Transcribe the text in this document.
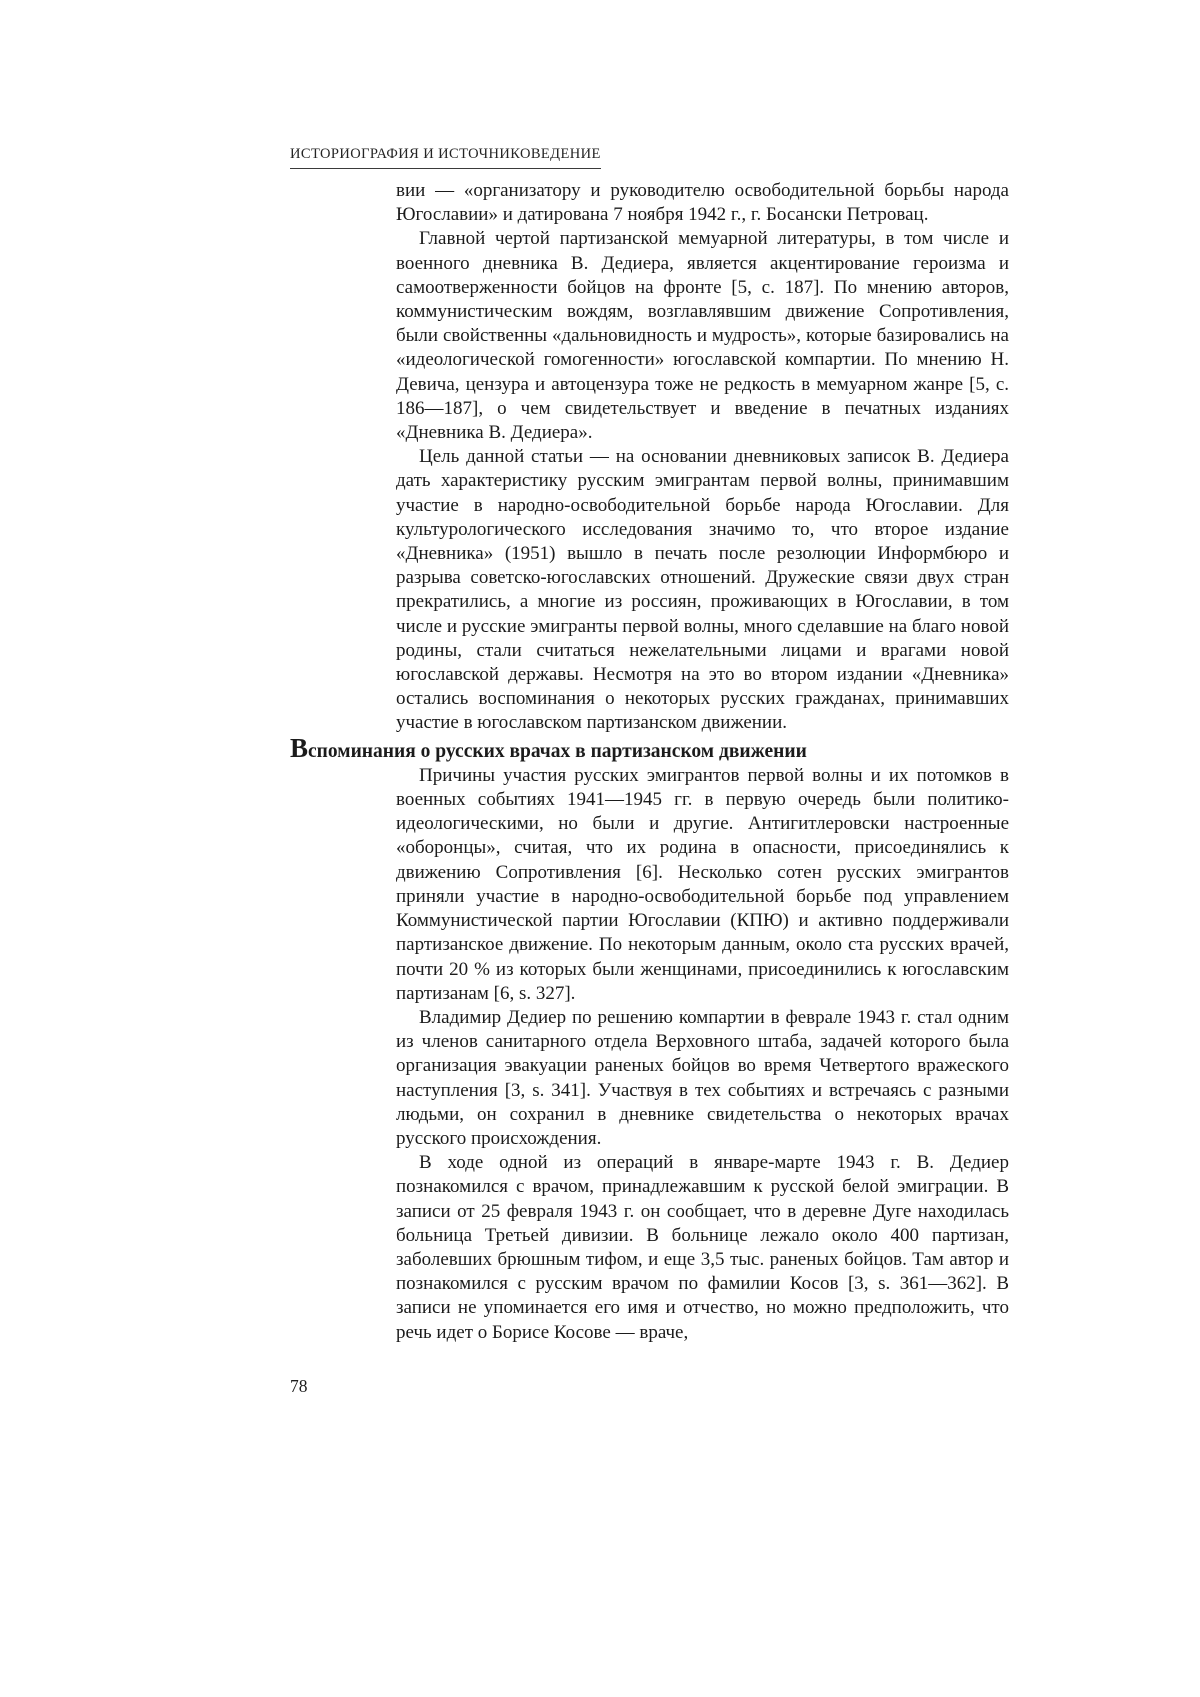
ИСТОРИОГРАФИЯ И ИСТОЧНИКОВЕДЕНИЕ

вии — «организатору и руководителю освободительной борьбы народа Югославии» и датирована 7 ноября 1942 г., г. Босански Петровац.

Главной чертой партизанской мемуарной литературы, в том числе и военного дневника В. Дедиера, является акцентирование героизма и самоотверженности бойцов на фронте [5, с. 187]. По мнению авторов, коммунистическим вождям, возглавлявшим движение Сопротивления, были свойственны «дальновидность и мудрость», которые базировались на «идеологической гомогенности» югославской компартии. По мнению Н. Девича, цензура и автоцензура тоже не редкость в мемуарном жанре [5, с. 186—187], о чем свидетельствует и введение в печатных изданиях «Дневника В. Дедиера».

Цель данной статьи — на основании дневниковых записок В. Дедиера дать характеристику русским эмигрантам первой волны, принимавшим участие в народно-освободительной борьбе народа Югославии. Для культурологического исследования значимо то, что второе издание «Дневника» (1951) вышло в печать после резолюции Информбюро и разрыва советско-югославских отношений. Дружеские связи двух стран прекратились, а многие из россиян, проживающих в Югославии, в том числе и русские эмигранты первой волны, много сделавшие на благо новой родины, стали считаться нежелательными лицами и врагами новой югославской державы. Несмотря на это во втором издании «Дневника» остались воспоминания о некоторых русских гражданах, принимавших участие в югославском партизанском движении.

Вспоминания о русских врачах в партизанском движении

Причины участия русских эмигрантов первой волны и их потомков в военных событиях 1941—1945 гг. в первую очередь были политико-идеологическими, но были и другие. Антигитлеровски настроенные «оборонцы», считая, что их родина в опасности, присоединялись к движению Сопротивления [6]. Несколько сотен русских эмигрантов приняли участие в народно-освободительной борьбе под управлением Коммунистической партии Югославии (КПЮ) и активно поддерживали партизанское движение. По некоторым данным, около ста русских врачей, почти 20 % из которых были женщинами, присоединились к югославским партизанам [6, s. 327].

Владимир Дедиер по решению компартии в феврале 1943 г. стал одним из членов санитарного отдела Верховного штаба, задачей которого была организация эвакуации раненых бойцов во время Четвертого вражеского наступления [3, s. 341]. Участвуя в тех событиях и встречаясь с разными людьми, он сохранил в дневнике свидетельства о некоторых врачах русского происхождения.

В ходе одной из операций в январе-марте 1943 г. В. Дедиер познакомился с врачом, принадлежавшим к русской белой эмиграции. В записи от 25 февраля 1943 г. он сообщает, что в деревне Дуге находилась больница Третьей дивизии. В больнице лежало около 400 партизан, заболевших брюшным тифом, и еще 3,5 тыс. раненых бойцов. Там автор и познакомился с русским врачом по фамилии Косов [3, s. 361—362]. В записи не упоминается его имя и отчество, но можно предположить, что речь идет о Борисе Косове — враче,

78
